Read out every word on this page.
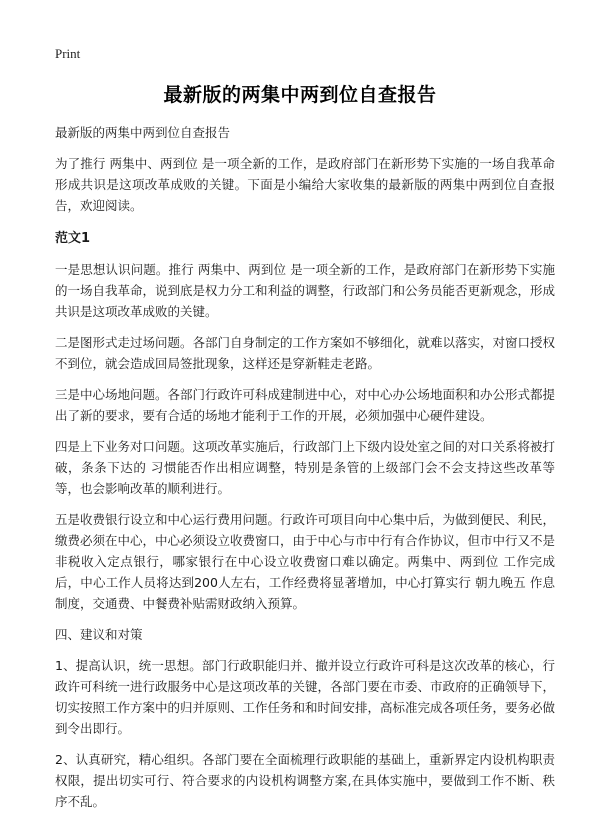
Print
最新版的两集中两到位自查报告

最新版的两集中两到位自查报告

为了推行 两集中、两到位 是一项全新的工作，是政府部门在新形势下实施的一场自我革命　形成共识是这项改革成败的关键。下面是小编给大家收集的最新版的两集中两到位自查报告，欢迎阅读。

范文1

一是思想认识问题。推行 两集中、两到位 是一项全新的工作，是政府部门在新形势下实施的一场自我革命，说到底是权力分工和利益的调整，行政部门和公务员能否更新观念，形成共识是这项改革成败的关键。

二是图形式走过场问题。各部门自身制定的工作方案如不够细化，就难以落实，对窗口授权不到位，就会造成回局签批现象，这样还是穿新鞋走老路。

三是中心场地问题。各部门行政许可科成建制进中心，对中心办公场地面积和办公形式都提出了新的要求，要有合适的场地才能利于工作的开展，必须加强中心硬件建设。

四是上下业务对口问题。这项改革实施后，行政部门上下级内设处室之间的对口关系将被打破，条条下达的 习惯能否作出相应调整，特别是条管的上级部门会不会支持这些改革等等，也会影响改革的顺利进行。

五是收费银行设立和中心运行费用问题。行政许可项目向中心集中后，为做到便民、利民，缴费必须在中心，中心必须设立收费窗口，由于中心与市中行有合作协议，但市中行又不是非税收入定点银行，哪家银行在中心设立收费窗口难以确定。两集中、两到位 工作完成后，中心工作人员将达到200人左右，工作经费将显著增加，中心打算实行 朝九晚五 作息制度，交通费、中餐费补贴需财政纳入预算。

四、建议和对策

1、提高认识，统一思想。部门行政职能归并、撤并设立行政许可科是这次改革的核心，行政许可科统一进行政服务中心是这项改革的关键，各部门要在市委、市政府的正确领导下，切实按照工作方案中的归并原则、工作任务和和时间安排，高标准完成各项任务，要务必做到令出即行。

2、认真研究，精心组织。各部门要在全面梳理行政职能的基础上，重新界定内设机构职责权限，提出切实可行、符合要求的内设机构调整方案,在具体实施中，要做到工作不断、秩序不乱。
